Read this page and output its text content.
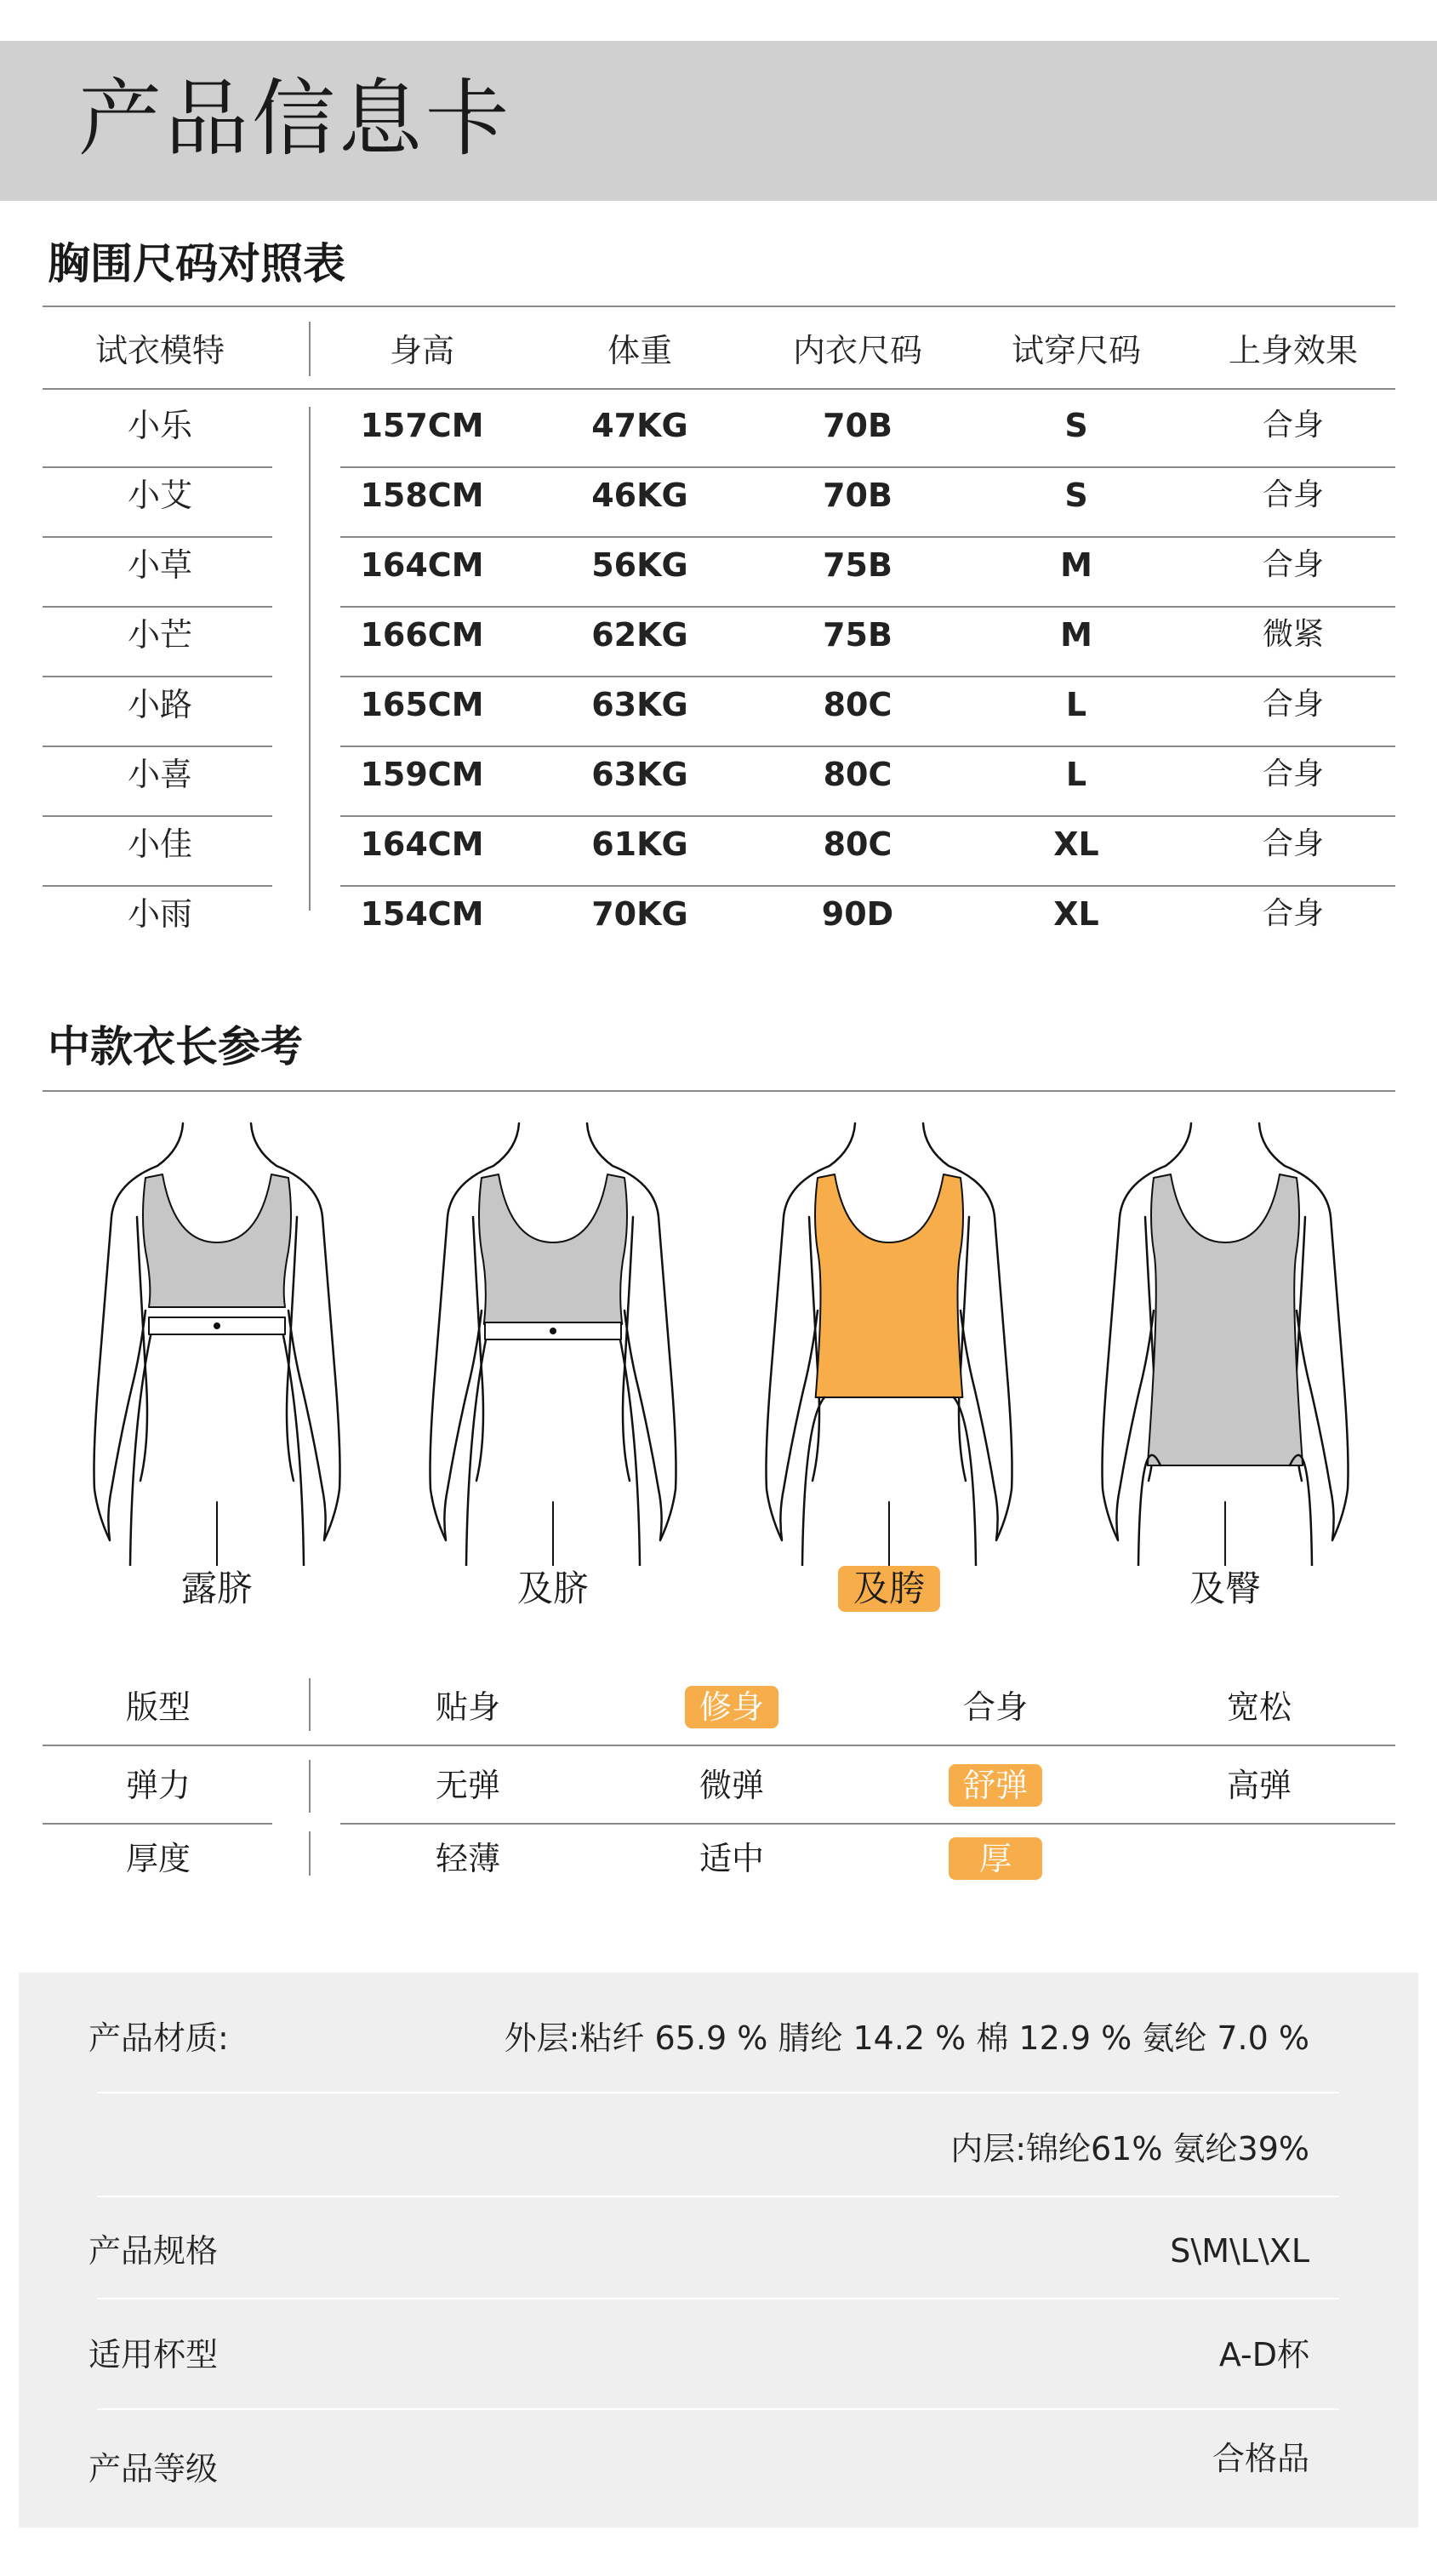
产品信息卡
胸围尺码对照表
试衣模特	身高	体重	内衣尺码	试穿尺码	上身效果
小乐	157CM	47KG	70B	S	合身
小艾	158CM	46KG	70B	S	合身
小草	164CM	56KG	75B	M	合身
小芒	166CM	62KG	75B	M	微紧
小路	165CM	63KG	80C	L	合身
小喜	159CM	63KG	80C	L	合身
小佳	164CM	61KG	80C	XL	合身
小雨	154CM	70KG	90D	XL	合身
中款衣长参考
露脐	及脐	及胯	及臀
版型	贴身	修身	合身	宽松
弹力	无弹	微弹	舒弹	高弹
厚度	轻薄	适中	厚
产品材质:	外层:粘纤 65.9 % 腈纶 14.2 % 棉 12.9 % 氨纶 7.0 %
内层:锦纶61% 氨纶39%
产品规格	S\M\L\XL
适用杯型	A-D杯
产品等级	合格品
